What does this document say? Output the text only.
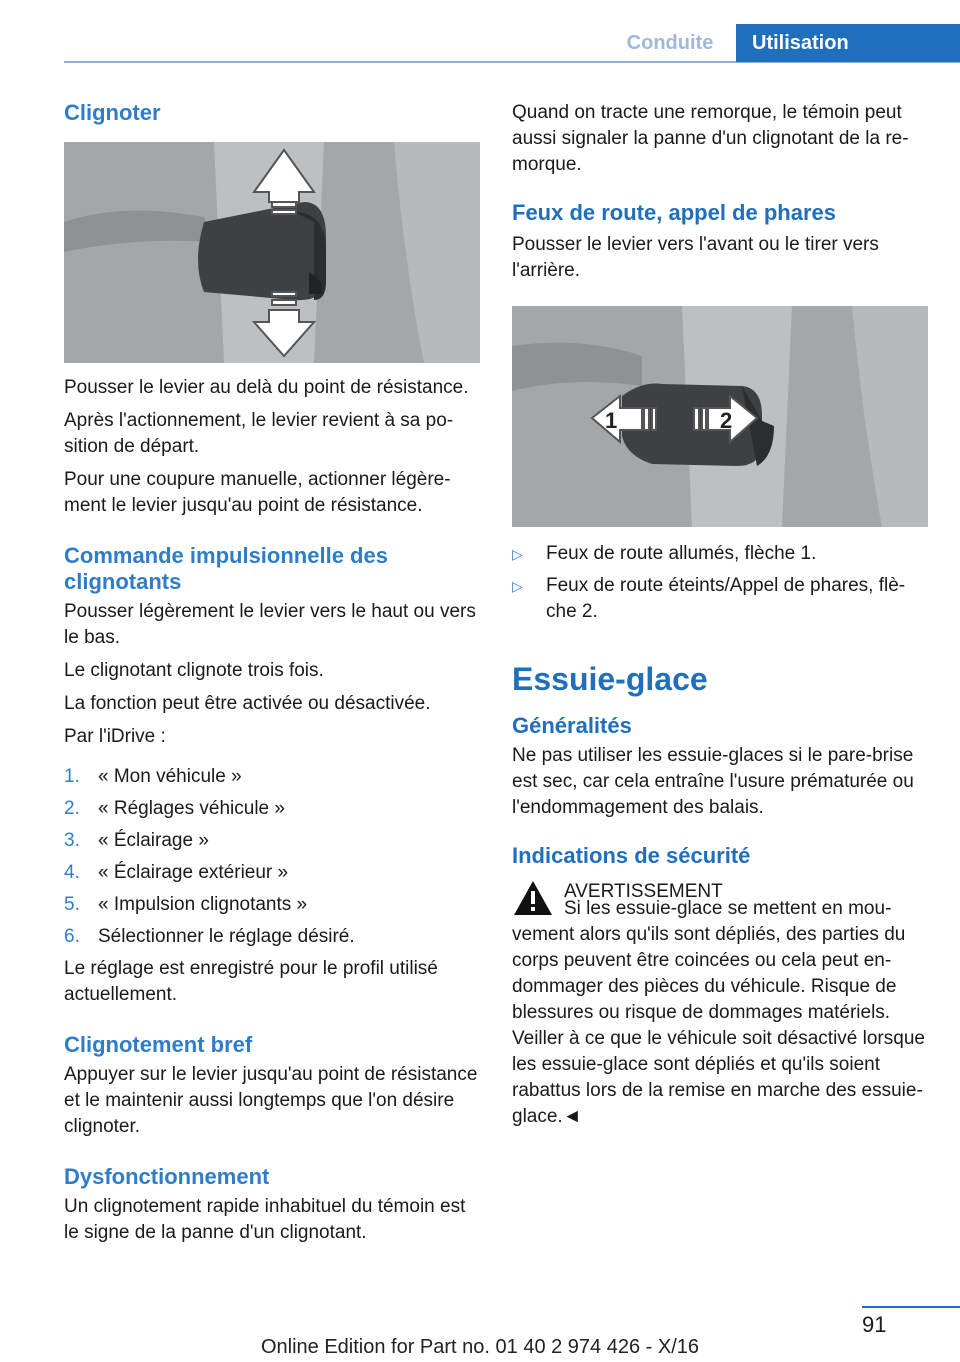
Conduite	Utilisation
Clignoter

Pousser le levier au delà du point de résistance.

Après l'actionnement, le levier revient à sa position de départ.

Pour une coupure manuelle, actionner légèrement le levier jusqu'au point de résistance.

Commande impulsionnelle des clignotants

Pousser légèrement le levier vers le haut ou vers le bas.

Le clignotant clignote trois fois.

La fonction peut être activée ou désactivée.

Par l'iDrive :

1. « Mon véhicule »
2. « Réglages véhicule »
3. « Éclairage »
4. « Éclairage extérieur »
5. « Impulsion clignotants »
6. Sélectionner le réglage désiré.

Le réglage est enregistré pour le profil utilisé actuellement.

Clignotement bref

Appuyer sur le levier jusqu'au point de résistance et le maintenir aussi longtemps que l'on désire clignoter.

Dysfonctionnement

Un clignotement rapide inhabituel du témoin est le signe de la panne d'un clignotant.

Quand on tracte une remorque, le témoin peut aussi signaler la panne d'un clignotant de la remorque.

Feux de route, appel de phares

Pousser le levier vers l'avant ou le tirer vers l'arrière.

1	2
▷	Feux de route allumés, flèche 1.
▷	Feux de route éteints/Appel de phares, flèche 2.
Essuie-glace
Généralités

Ne pas utiliser les essuie-glaces si le pare-brise est sec, car cela entraîne l'usure prématurée ou l'endommagement des balais.

Indications de sécurité

AVERTISSEMENT

Si les essuie-glace se mettent en mouvement alors qu'ils sont dépliés, des parties du corps peuvent être coincées ou cela peut endommager des pièces du véhicule. Risque de blessures ou risque de dommages matériels. Veiller à ce que le véhicule soit désactivé lorsque les essuie-glace sont dépliés et qu'ils soient rabattus lors de la remise en marche des essuie-glace.◄

91
Online Edition for Part no. 01 40 2 974 426 - X/16
